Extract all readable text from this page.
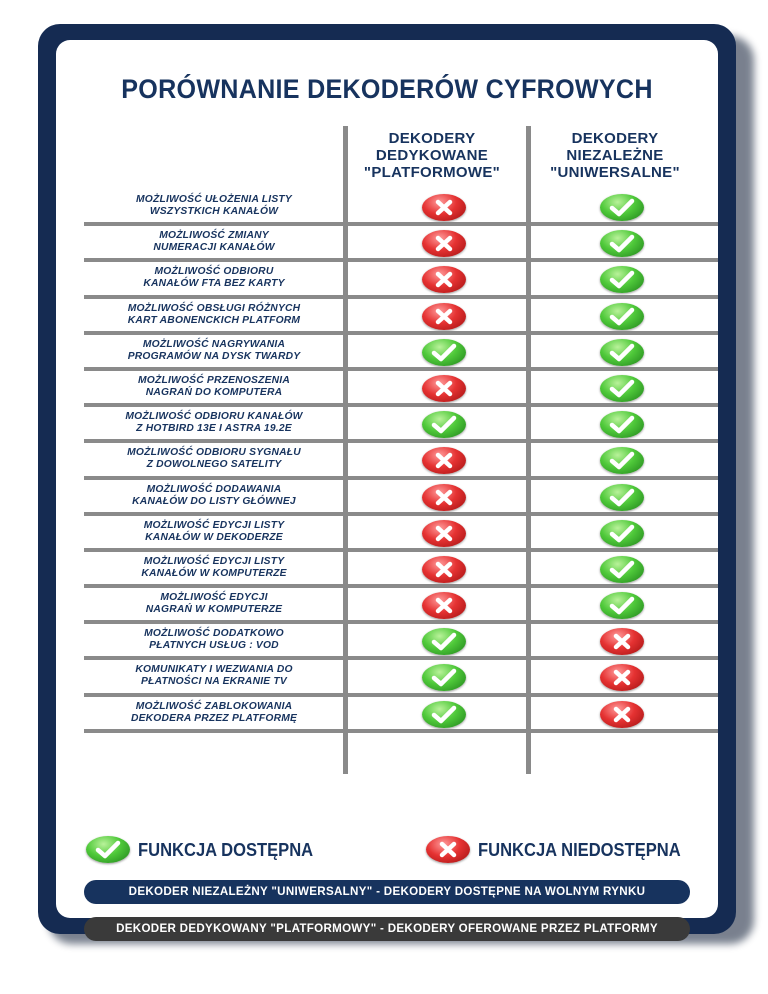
PORÓWNANIE DEKODERÓW CYFROWYCH
DEKODERY
DEDYKOWANE
"PLATFORMOWE"
DEKODERY
NIEZALEŻNE
"UNIWERSALNE"
MOŻLIWOŚĆ UŁOŻENIA LISTY
WSZYSTKICH KANAŁÓW
MOŻLIWOŚĆ ZMIANY
NUMERACJI KANAŁÓW
MOŻLIWOŚĆ ODBIORU
KANAŁÓW FTA BEZ KARTY
MOŻLIWOŚĆ OBSŁUGI RÓŻNYCH
KART ABONENCKICH PLATFORM
MOŻLIWOŚĆ NAGRYWANIA
PROGRAMÓW NA DYSK TWARDY
MOŻLIWOŚĆ PRZENOSZENIA
NAGRAŃ DO KOMPUTERA
MOŻLIWOŚĆ ODBIORU KANAŁÓW
Z HOTBIRD 13E I ASTRA 19.2E
MOŻLIWOŚĆ ODBIORU SYGNAŁU
Z DOWOLNEGO SATELITY
MOŻLIWOŚĆ DODAWANIA
KANAŁÓW DO LISTY GŁÓWNEJ
MOŻLIWOŚĆ EDYCJI LISTY
KANAŁÓW W DEKODERZE
MOŻLIWOŚĆ EDYCJI LISTY
KANAŁÓW W KOMPUTERZE
MOŻLIWOŚĆ EDYCJI
NAGRAŃ W KOMPUTERZE
MOŻLIWOŚĆ DODATKOWO
PŁATNYCH USŁUG : VOD
KOMUNIKATY I WEZWANIA DO
PŁATNOŚCI NA EKRANIE TV
MOŻLIWOŚĆ ZABLOKOWANIA
DEKODERA PRZEZ PLATFORMĘ
FUNKCJA DOSTĘPNA	FUNKCJA NIEDOSTĘPNA
DEKODER NIEZALEŻNY "UNIWERSALNY" - DEKODERY DOSTĘPNE NA WOLNYM RYNKU
DEKODER DEDYKOWANY "PLATFORMOWY" - DEKODERY OFEROWANE PRZEZ PLATFORMY
